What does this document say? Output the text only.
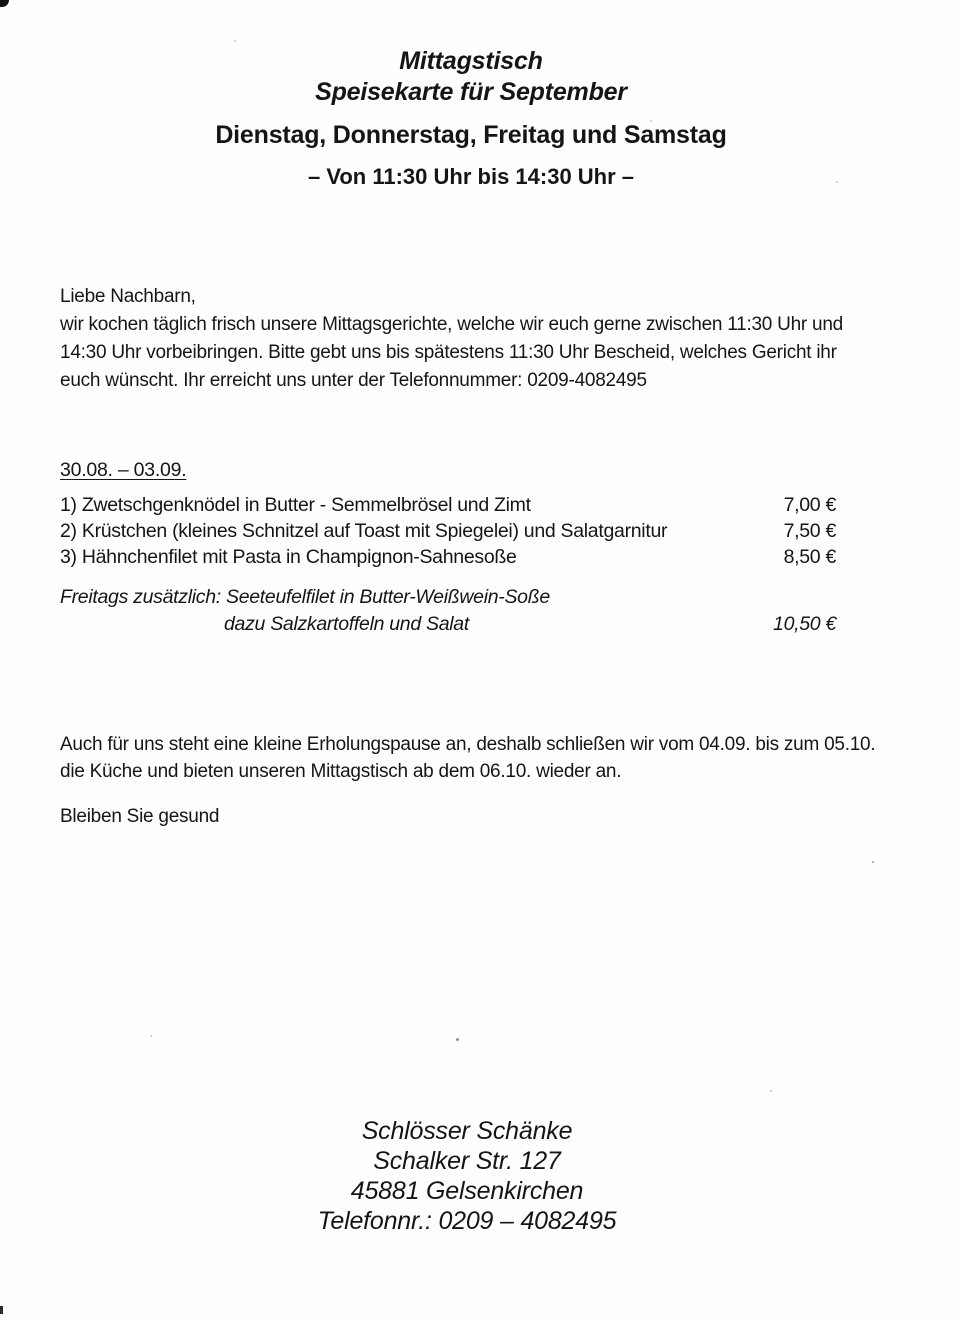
Mittagstisch
Speisekarte für September
Dienstag, Donnerstag, Freitag und Samstag
– Von 11:30 Uhr bis 14:30 Uhr –
Liebe Nachbarn,
wir kochen täglich frisch unsere Mittagsgerichte, welche wir euch gerne zwischen 11:30 Uhr und
14:30 Uhr vorbeibringen. Bitte gebt uns bis spätestens 11:30 Uhr Bescheid, welches Gericht ihr
euch wünscht. Ihr erreicht uns unter der Telefonnummer: 0209-4082495
30.08. – 03.09.
1) Zwetschgenknödel in Butter - Semmelbrösel und Zimt	7,00 €
2) Krüstchen (kleines Schnitzel auf Toast mit Spiegelei) und Salatgarnitur	7,50 €
3) Hähnchenfilet mit Pasta in Champignon-Sahnesoße	8,50 €
Freitags zusätzlich: Seeteufelfilet in Butter-Weißwein-Soße
dazu Salzkartoffeln und Salat	10,50 €
Auch für uns steht eine kleine Erholungspause an, deshalb schließen wir vom 04.09. bis zum 05.10.
die Küche und bieten unseren Mittagstisch ab dem 06.10. wieder an.
Bleiben Sie gesund
Schlösser Schänke
Schalker Str. 127
45881 Gelsenkirchen
Telefonnr.: 0209 – 4082495
